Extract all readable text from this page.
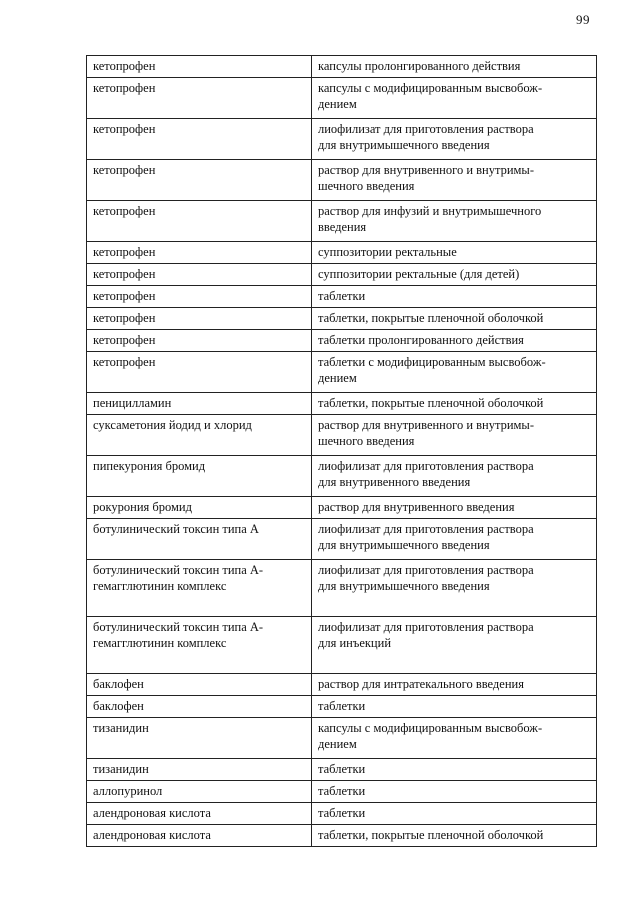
99
кетопрофен	капсулы пролонгированного действия
кетопрофен	капсулы с модифицированным высвобож-
дением
кетопрофен	лиофилизат для приготовления раствора
для внутримышечного введения
кетопрофен	раствор для внутривенного и внутримы-
шечного введения
кетопрофен	раствор для инфузий и внутримышечного
введения
кетопрофен	суппозитории ректальные
кетопрофен	суппозитории ректальные (для детей)
кетопрофен	таблетки
кетопрофен	таблетки, покрытые пленочной оболочкой
кетопрофен	таблетки пролонгированного действия
кетопрофен	таблетки с модифицированным высвобож-
дением
пеницилламин	таблетки, покрытые пленочной оболочкой
суксаметония йодид и хлорид	раствор для внутривенного и внутримы-
шечного введения
пипекурония бромид	лиофилизат для приготовления раствора
для внутривенного введения
рокурония бромид	раствор для внутривенного введения
ботулинический токсин типа А	лиофилизат для приготовления раствора
для внутримышечного введения
ботулинический токсин типа А-
гемагглютинин комплекс	лиофилизат для приготовления раствора
для внутримышечного введения
ботулинический токсин типа А-
гемагглютинин комплекс	лиофилизат для приготовления раствора
для инъекций
баклофен	раствор для интратекального введения
баклофен	таблетки
тизанидин	капсулы с модифицированным высвобож-
дением
тизанидин	таблетки
аллопуринол	таблетки
алендроновая кислота	таблетки
алендроновая кислота	таблетки, покрытые пленочной оболочкой
